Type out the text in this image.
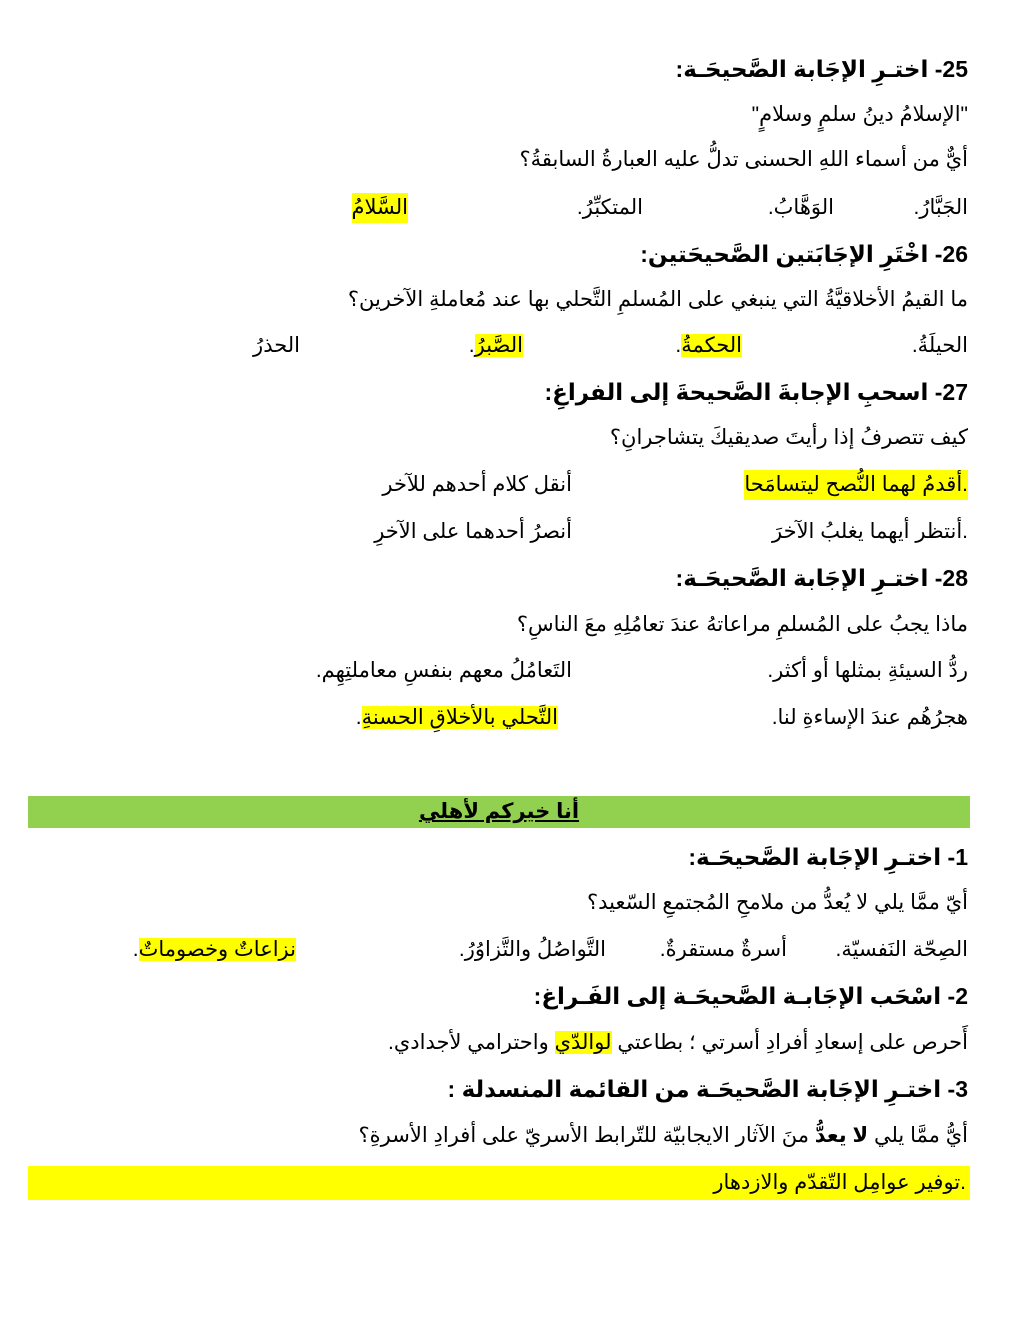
25- اختـرِ الإجَابة الصَّحيحَـة:
"الإسلامُ دينُ سلمٍ وسلامٍ"
أيٌّ من أسماء اللهِ الحسنى تدلُّ عليه العبارةُ السابقةُ؟
الجَبَّارُ.
الوَهَّابُ.
المتكبِّرُ.
السَّلامُ
26- اخْتَرِ الإجَابَتين الصَّحيحَتين:
ما القيمُ الأخلاقيَّةُ التي ينبغي على المُسلمِ التَّحلي بها عند مُعاملةِ الآخرين؟
الحيلَةُ.
الحكمةُ.
الصَّبرُ.
الحذرُ
27- اسحبِ الإجابةَ الصَّحيحةَ إلى الفراغِ:
كيف تتصرفُ إذا رأيتَ صديقيكَ يتشاجرانِ؟
.أقدمُ لهما النُّصح ليتسامَحا
أنقل كلام أحدهم للآخر
.أنتظر أيهما يغلبُ الآخرَ
أنصرُ أحدهما على الآخرِ
28- اختـرِ الإجَابة الصَّحيحَـة:
ماذا يجبُ على المُسلمِ مراعاتهُ عندَ تعامُلِهِ معَ الناسِ؟
ردُّ السيئةِ بمثلها أو أكثر.
التَعامُلُ معهم بنفسِ معاملتِهِم.
هجرُهُم عندَ الإساءةِ لنا.
التَّحلي بالأخلاقِ الحسنةِ.
أنا خيركم لأهلي
1- اختـرِ الإجَابة الصَّحيحَـة:
أيّ ممَّا يلي لا يُعدُّ من ملامحِ المُجتمعِ السّعيد؟
الصِحّة النَفسيّة.
أسرةٌ مستقرةٌ.
التَّواصُلُ والتَّزاوُرُ.
نزاعاتٌ وخصوماتٌ.
2- اسْحَب الإجَابـة الصَّحيحَـة إلى الفَـراغ:
أَحرص على إسعادِ أفرادِ أسرتي ؛ بطاعتي لوالدّي واحترامي لأجدادي.
3- اختـرِ الإجَابة الصَّحيحَـة من القائمة المنسدلة :
أيُّ ممَّا يلي لا يعدُّ منَ الآثار الايجابيّة للتّرابط الأسريّ على أفرادِ الأسرةِ؟
.توفير عوامِل التّقدّم والازدهار
